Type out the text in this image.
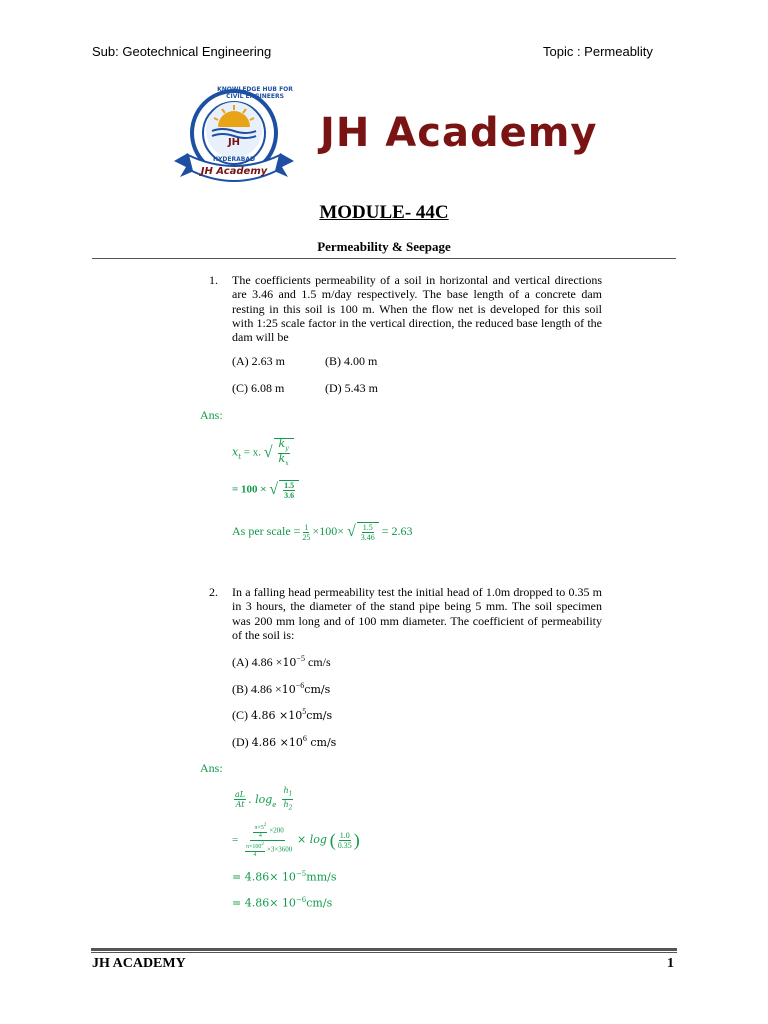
Sub: Geotechnical Engineering	Topic : Permeablity
KNOWLEDGE HUB FOR CIVIL ENGINEERS
HYDERABAD
JH
JH Academy
JH Academy
MODULE- 44C
Permeability & Seepage
1. The coefficients permeability of a soil in horizontal and vertical directions are 3.46 and 1.5 m/day respectively. The base length of a concrete dam resting in this soil is 100 m. When the flow net is developed for this soil with 1:25 scale factor in the vertical direction, the reduced base length of the dam will be
(A) 2.63 m	(B) 4.00 m
(C) 6.08 m	(D) 5.43 m
Ans:
$x_t = x$. √ $\frac{k_y}{k_x}$
= 100 × √ $\frac{1.5}{3.6}$
As per scale = $\frac{1}{25} \times 100\times$ √ $\frac{1.5}{3.46} = 2.63$
2. In a falling head permeability test the initial head of 1.0m dropped to 0.35 m in 3 hours, the diameter of the stand pipe being 5 mm. The soil specimen was 200 mm long and of 100 mm diameter. The coefficient of permeability of the soil is:
(A) $4.86 \times 10^{-5}$ cm/s
(B) $4.86 \times 10^{-6}cm/s$
(C) $4.86 \times 10^5cm/s$
(D) $4.86 \times 10^6$ cm/s
Ans:
$\frac{aL}{At}$ . $\log_e \frac{h_1}{h_2}$
= $\frac{\frac{\pi\times 5^2}{4} \times 200}{\frac{\pi\times 100^2}{4} \times 3\times 3600} \times \log$ ( $\frac{1.0}{0.35}$ )
= $4.86\times 10^{-5}mm/s$
= $4.86\times 10^{-6}cm/s$
JH ACADEMY	1
